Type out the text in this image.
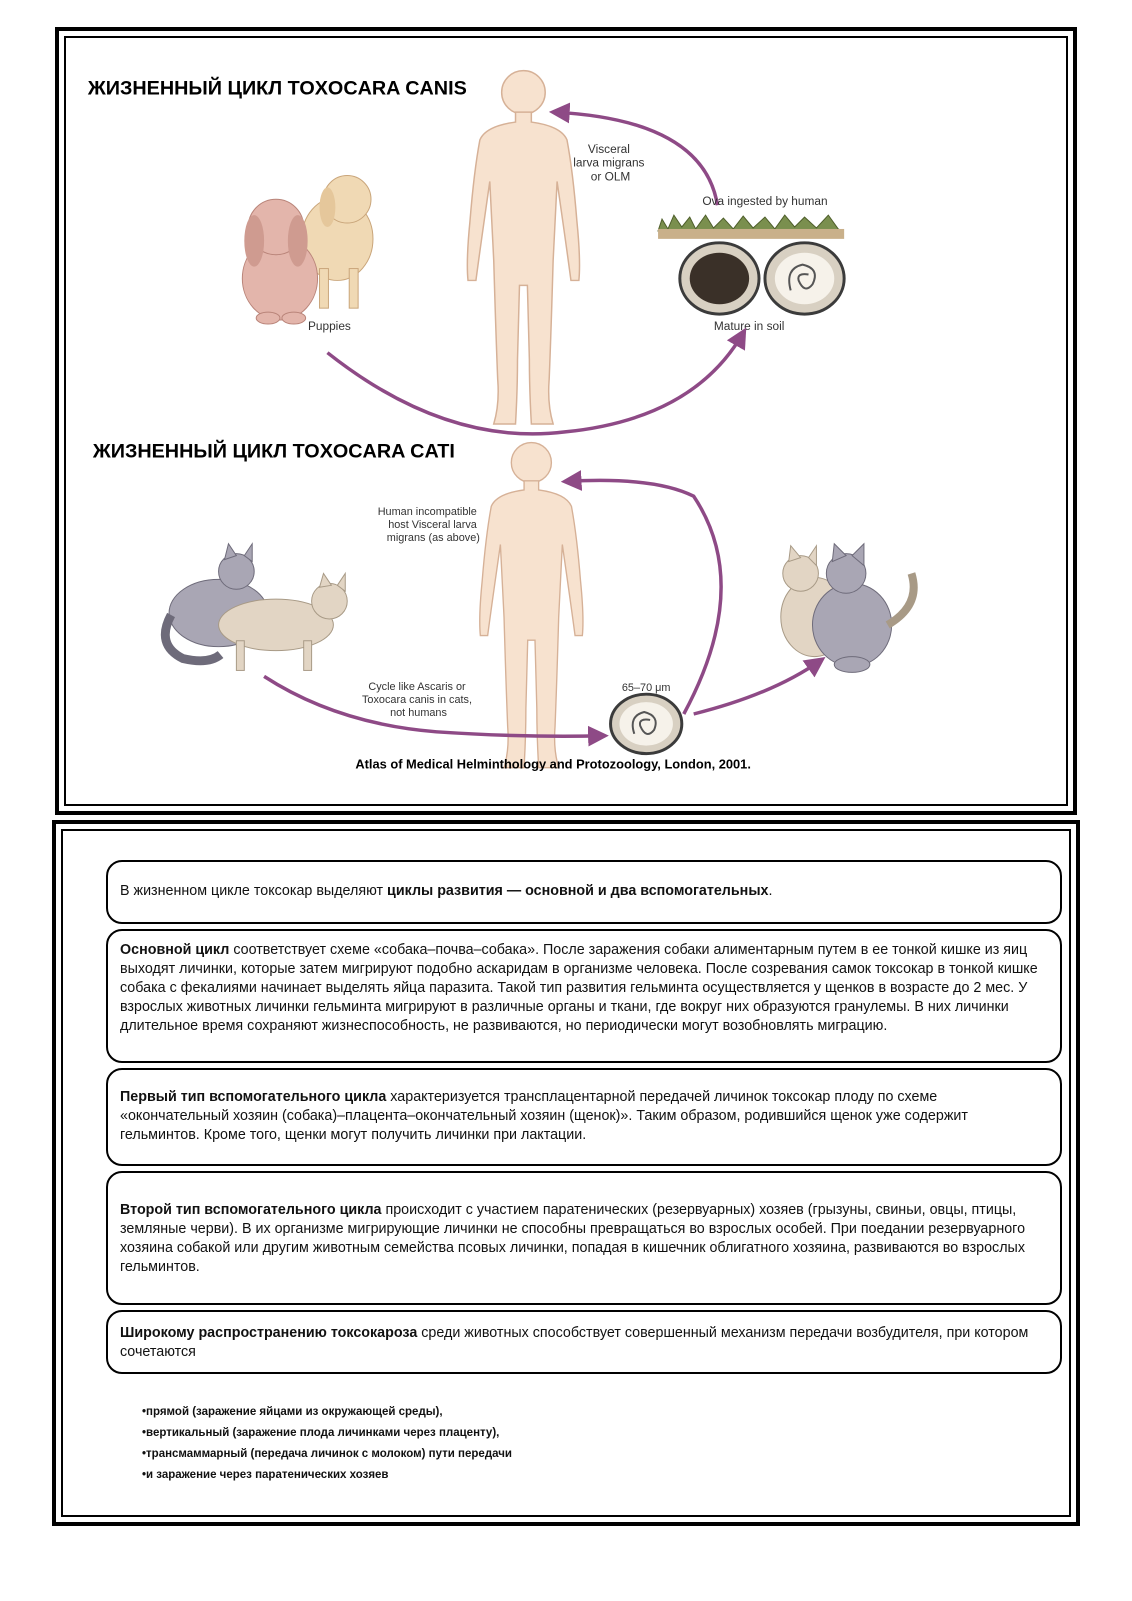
ЖИЗНЕННЫЙ ЦИКЛ TOXOCARA CANIS
Visceral larva migrans or OLM
Puppies
Ova ingested by human
Mature in soil
ЖИЗНЕННЫЙ ЦИКЛ TOXOCARA CATI
Human incompatible host Visceral larva migrans (as above)
Cycle like Ascaris or Toxocara canis in cats, not humans
65–70 μm
Atlas of Medical Helminthology and Protozoology, London, 2001.
В жизненном цикле токсокар выделяют циклы развития — основной и два вспомогательных.
Основной цикл соответствует схеме «собака–почва–собака». После заражения собаки алиментарным путем в ее тонкой кишке из яиц выходят личинки, которые затем мигрируют подобно аскаридам в организме человека. После созревания самок токсокар в тонкой кишке собака с фекалиями начинает выделять яйца паразита. Такой тип развития гельминта осуществляется у щенков в возрасте до 2 мес. У взрослых животных личинки гельминта мигрируют в различные органы и ткани, где вокруг них образуются гранулемы. В них личинки длительное время сохраняют жизнеспособность, не развиваются, но периодически могут возобновлять миграцию.
Первый тип вспомогательного цикла характеризуется трансплацентарной передачей личинок токсокар плоду по схеме «окончательный хозяин (собака)–плацента–окончательный хозяин (щенок)». Таким образом, родившийся щенок уже содержит гельминтов. Кроме того, щенки могут получить личинки при лактации.
Второй тип вспомогательного цикла происходит с участием паратенических (резервуарных) хозяев (грызуны, свиньи, овцы, птицы, земляные черви). В их организме мигрирующие личинки не способны превращаться во взрослых особей. При поедании резервуарного хозяина собакой или другим животным семейства псовых личинки, попадая в кишечник облигатного хозяина, развиваются во взрослых гельминтов.
Широкому распространению токсокароза среди животных способствует совершенный механизм передачи возбудителя, при котором сочетаются
• прямой (заражение яйцами из окружающей среды),
• вертикальный (заражение плода личинками через плаценту),
• трансмаммарный (передача личинок с молоком) пути передачи
• и заражение через паратенических хозяев
